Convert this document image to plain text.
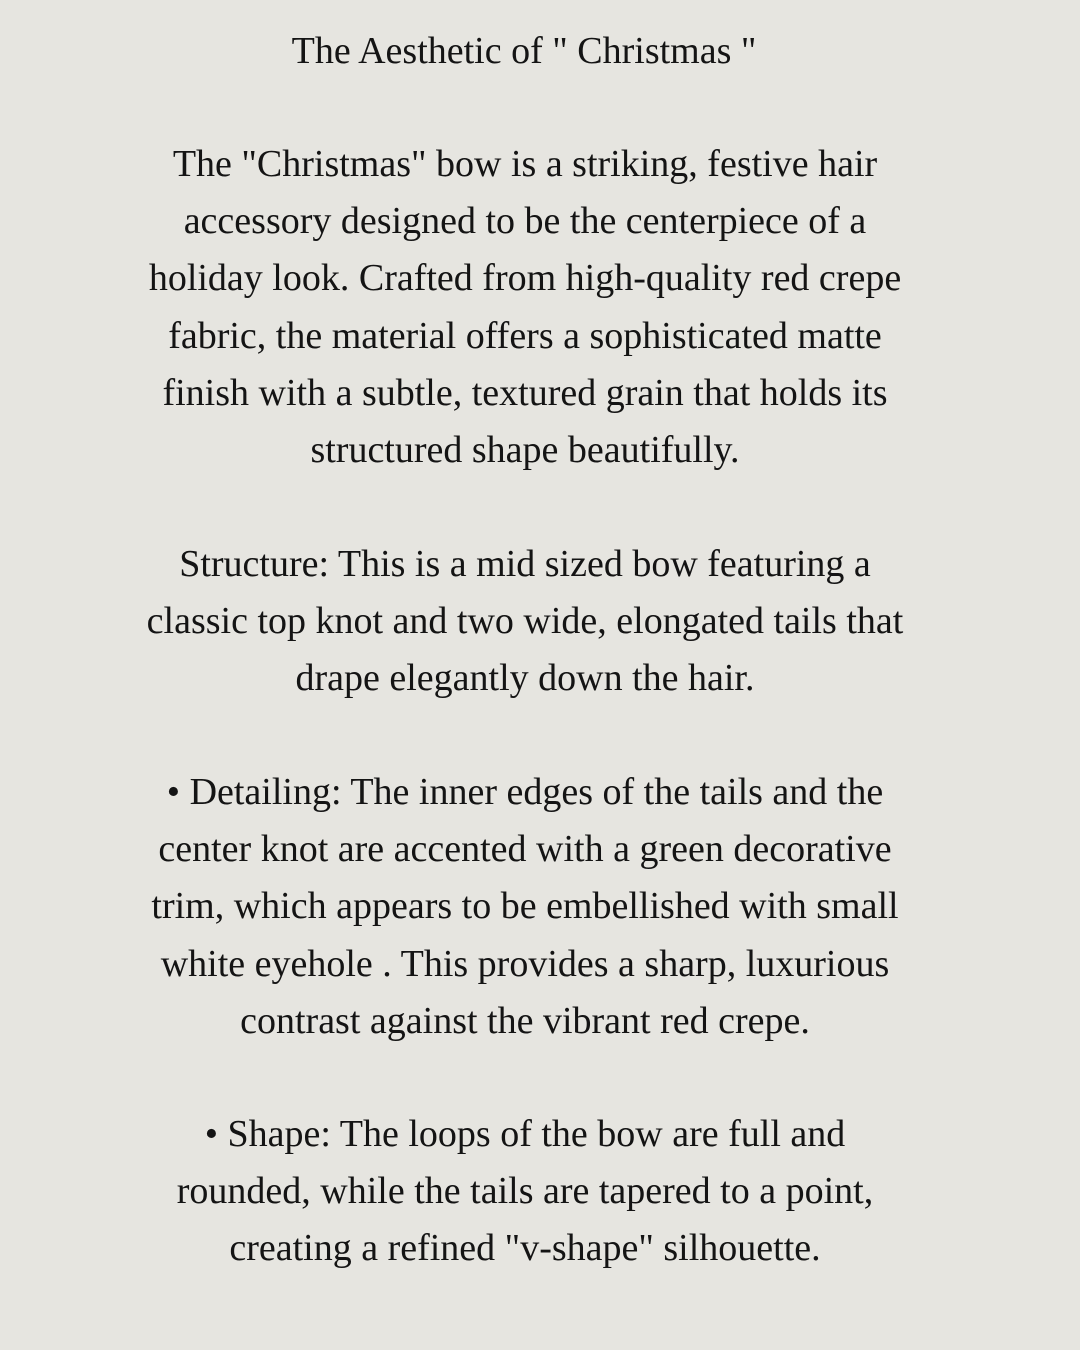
The Aesthetic of " Christmas "

The "Christmas" bow is a striking, festive hair
accessory designed to be the centerpiece of a
holiday look. Crafted from high-quality red crepe
fabric, the material offers a sophisticated matte
finish with a subtle, textured grain that holds its
structured shape beautifully.

Structure: This is a mid sized bow featuring a
classic top knot and two wide, elongated tails that
drape elegantly down the hair.

• Detailing: The inner edges of the tails and the
center knot are accented with a green decorative
trim, which appears to be embellished with small
white eyehole . This provides a sharp, luxurious
contrast against the vibrant red crepe.

• Shape: The loops of the bow are full and
rounded, while the tails are tapered to a point,
creating a refined "v-shape" silhouette.
